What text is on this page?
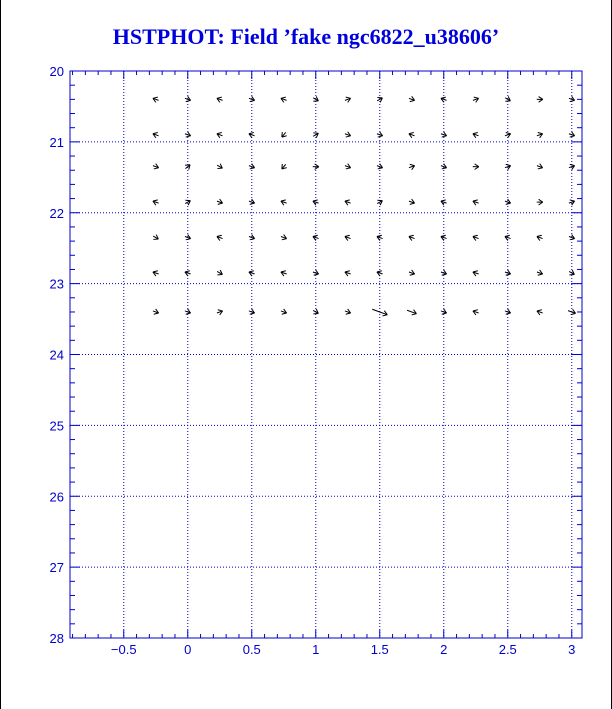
HSTPHOT: Field ’fake ngc6822_u38606’
−0.5	0	0.5	1	1.5	2	2.5	3
20
21
22
23
24
25
26
27
28
